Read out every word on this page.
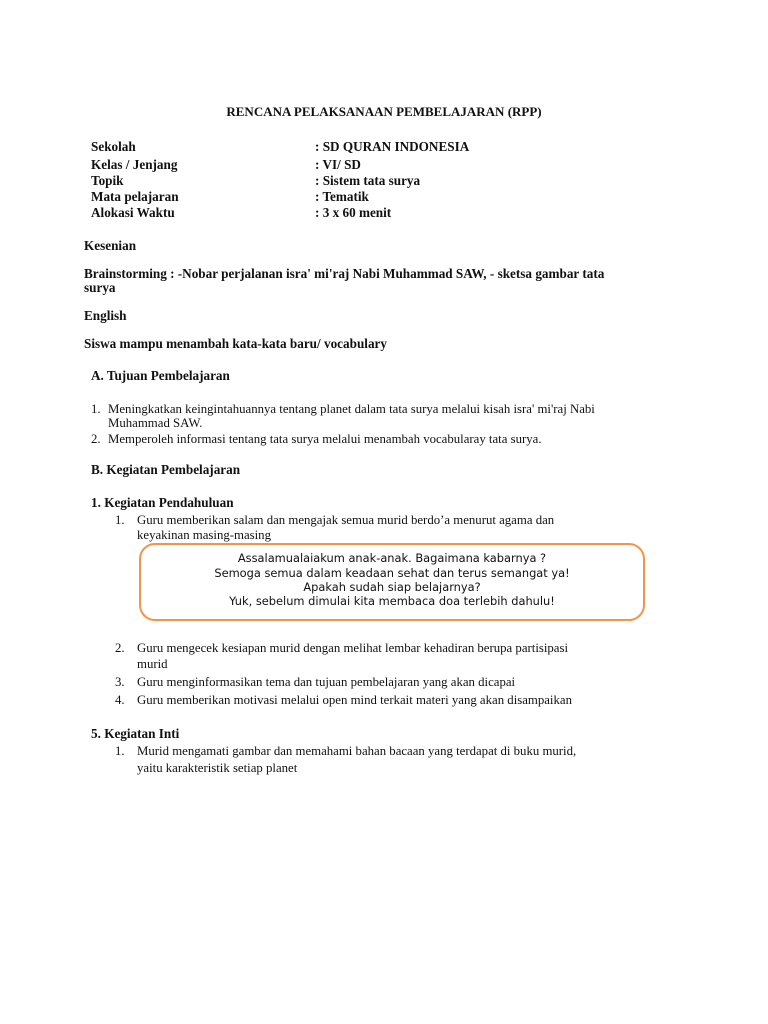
RENCANA PELAKSANAAN PEMBELAJARAN (RPP)
Sekolah	: SD QURAN INDONESIA
Kelas / Jenjang	: VI/ SD
Topik	: Sistem tata surya
Mata pelajaran	: Tematik
Alokasi Waktu	: 3 x 60 menit
Kesenian
Brainstorming : -Nobar perjalanan isra' mi'raj Nabi Muhammad SAW, - sketsa gambar tata
surya
English
Siswa mampu menambah kata-kata baru/ vocabulary
A. Tujuan Pembelajaran
1. Meningkatkan keingintahuannya tentang planet dalam tata surya melalui kisah isra' mi'raj Nabi
Muhammad SAW.
2. Memperoleh informasi tentang tata surya melalui menambah vocabularay tata surya.
B. Kegiatan Pembelajaran
1. Kegiatan Pendahuluan
1. Guru memberikan salam dan mengajak semua murid berdo’a menurut agama dan
keyakinan masing-masing
Assalamualaiakum anak-anak. Bagaimana kabarnya ?
Semoga semua dalam keadaan sehat dan terus semangat ya!
Apakah sudah siap belajarnya?
Yuk, sebelum dimulai kita membaca doa terlebih dahulu!
2. Guru mengecek kesiapan murid dengan melihat lembar kehadiran berupa partisipasi
murid
3. Guru menginformasikan tema dan tujuan pembelajaran yang akan dicapai
4. Guru memberikan motivasi melalui open mind terkait materi yang akan disampaikan
5. Kegiatan Inti
1. Murid mengamati gambar dan memahami bahan bacaan yang terdapat di buku murid,
yaitu karakteristik setiap planet
